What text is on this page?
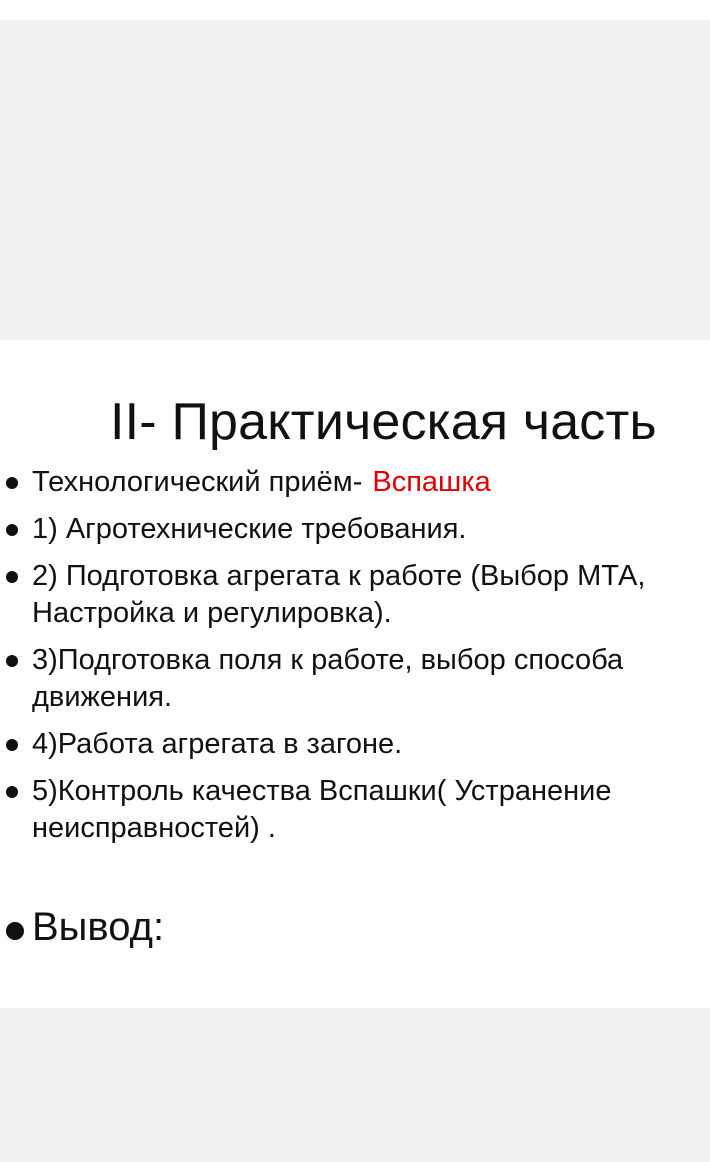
II- Практическая часть
Технологический приём- Вспашка
1) Агротехнические требования.
2) Подготовка агрегата к работе (Выбор МТА, Настройка и регулировка).
3)Подготовка поля к работе, выбор способа движения.
4)Работа агрегата в загоне.
5)Контроль качества Вспашки( Устранение неисправностей) .
Вывод:
